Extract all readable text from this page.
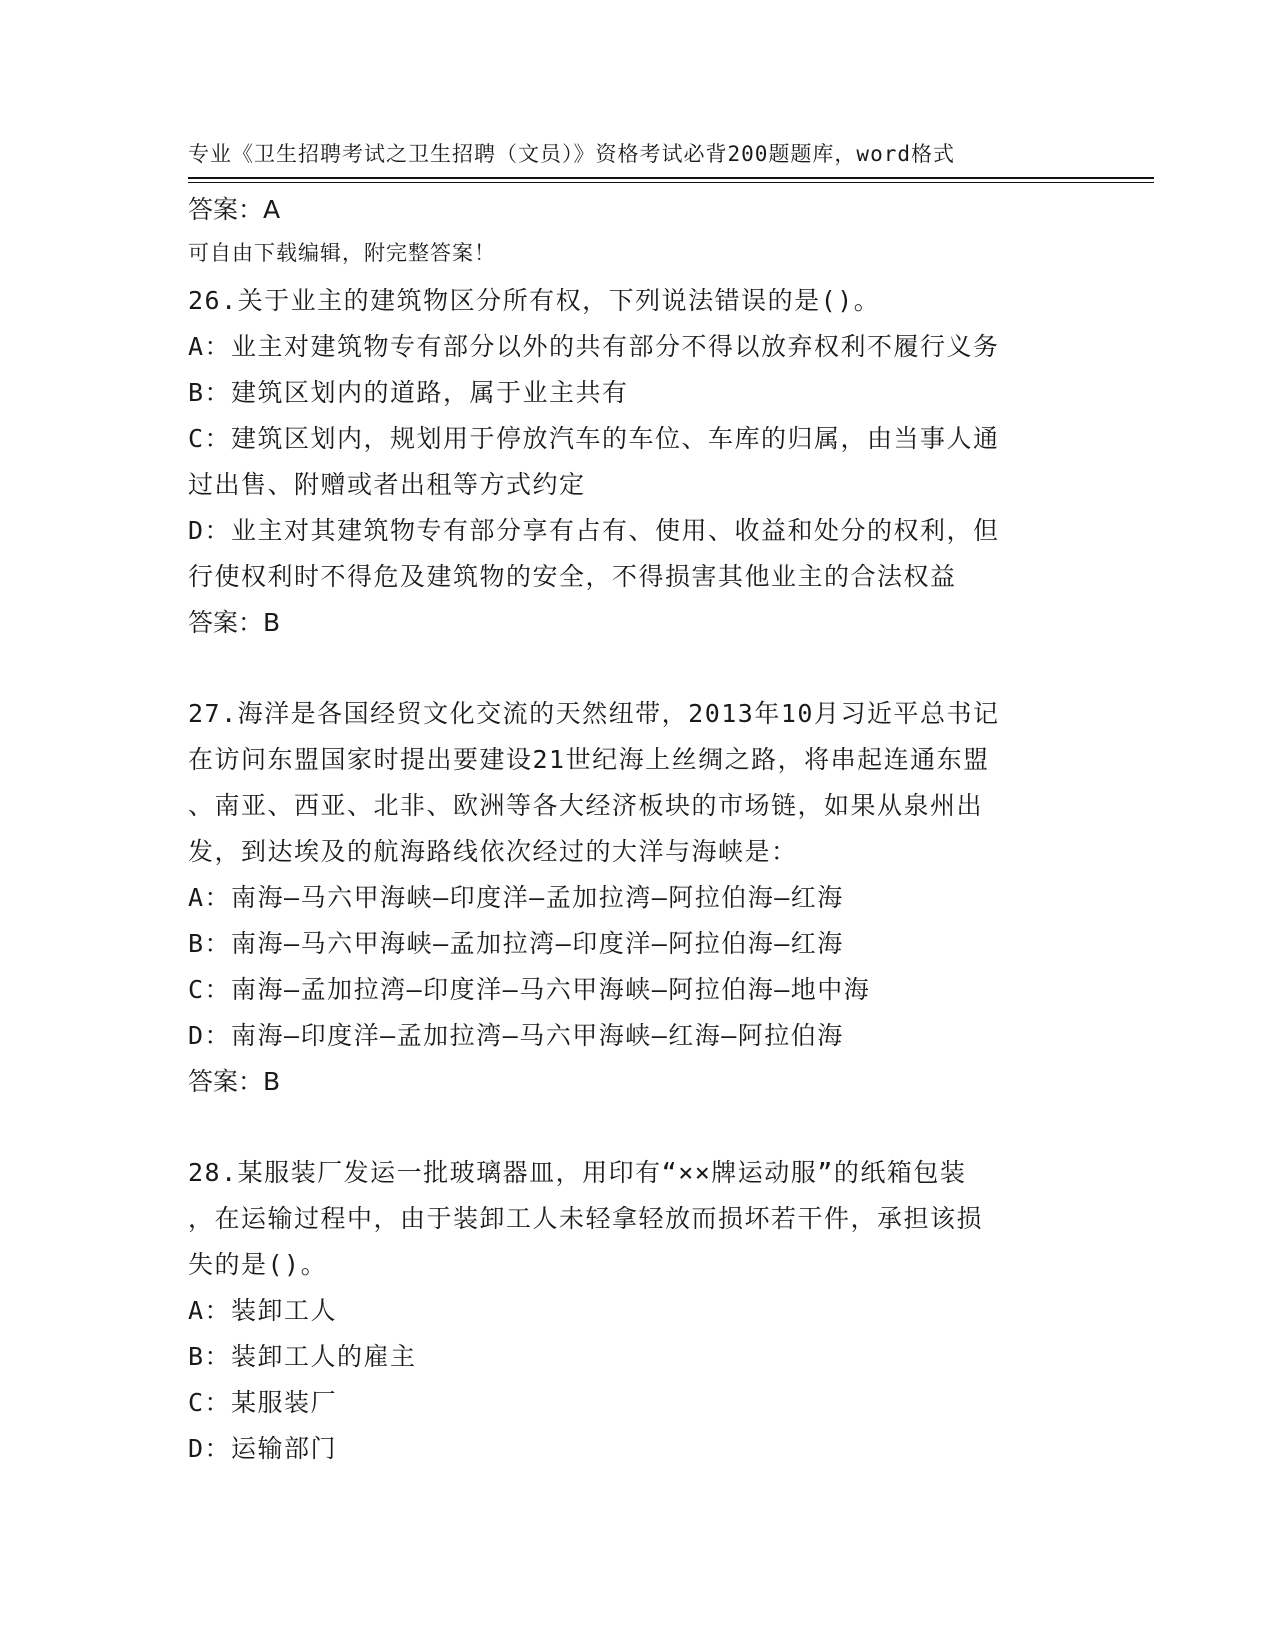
专业《卫生招聘考试之卫生招聘（文员）》资格考试必背200题题库，word格式

可自由下载编辑，附完整答案！

答案：A
26.关于业主的建筑物区分所有权，下列说法错误的是()。
A：业主对建筑物专有部分以外的共有部分不得以放弃权利不履行义务
B：建筑区划内的道路，属于业主共有
C：建筑区划内，规划用于停放汽车的车位、车库的归属，由当事人通
过出售、附赠或者出租等方式约定
D：业主对其建筑物专有部分享有占有、使用、收益和处分的权利，但
行使权利时不得危及建筑物的安全，不得损害其他业主的合法权益
答案：B
27.海洋是各国经贸文化交流的天然纽带，2013年10月习近平总书记
在访问东盟国家时提出要建设21世纪海上丝绸之路，将串起连通东盟
、南亚、西亚、北非、欧洲等各大经济板块的市场链，如果从泉州出
发，到达埃及的航海路线依次经过的大洋与海峡是：
A：南海—马六甲海峡—印度洋—孟加拉湾—阿拉伯海—红海
B：南海—马六甲海峡—孟加拉湾—印度洋—阿拉伯海—红海
C：南海—孟加拉湾—印度洋—马六甲海峡—阿拉伯海—地中海
D：南海—印度洋—孟加拉湾—马六甲海峡—红海—阿拉伯海
答案：B
28.某服装厂发运一批玻璃器皿，用印有“××牌运动服”的纸箱包装
，在运输过程中，由于装卸工人未轻拿轻放而损坏若干件，承担该损
失的是()。
A：装卸工人
B：装卸工人的雇主
C：某服装厂
D：运输部门
